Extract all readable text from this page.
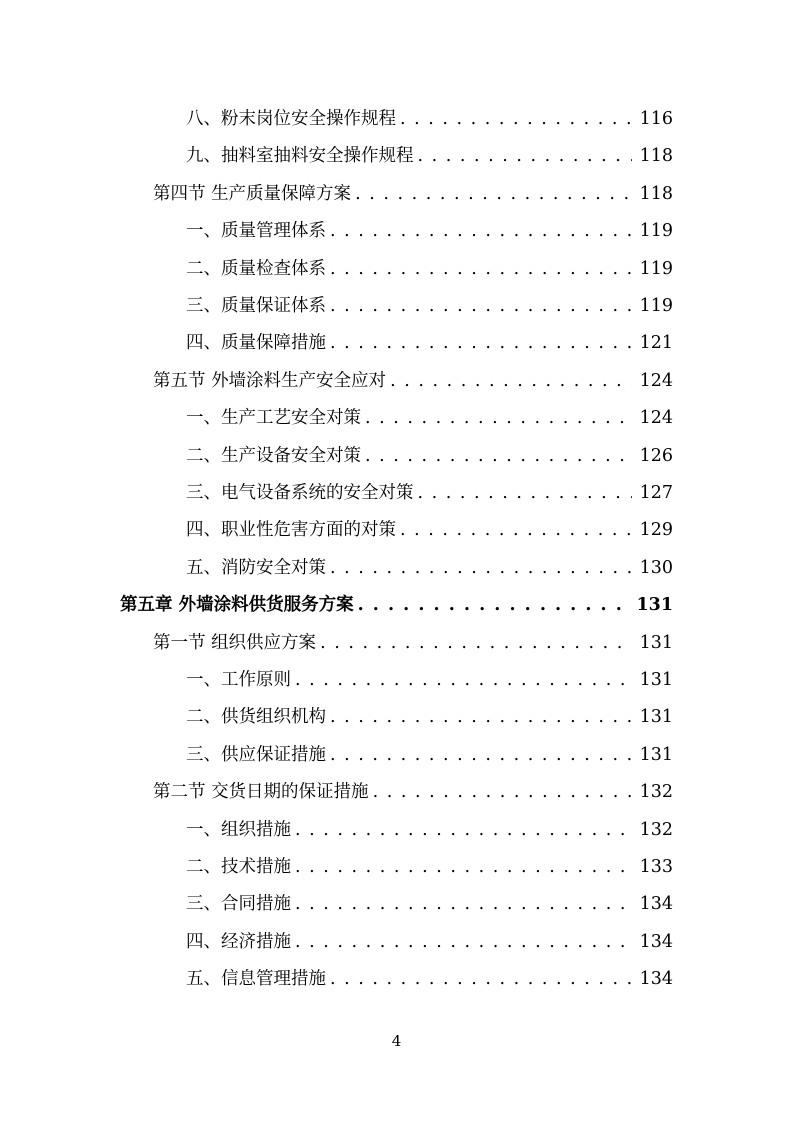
八、粉末岗位安全操作规程 . . .	116
九、抽料室抽料安全操作规程 . . .	118
第四节 生产质量保障方案 . . .	118
一、质量管理体系 . . .	119
二、质量检查体系 . . .	119
三、质量保证体系 . . .	119
四、质量保障措施 . . .	121
第五节 外墙涂料生产安全应对 . . .	124
一、生产工艺安全对策 . . .	124
二、生产设备安全对策 . . .	126
三、电气设备系统的安全对策 . . .	127
四、职业性危害方面的对策 . . .	129
五、消防安全对策 . . .	130
第五章 外墙涂料供货服务方案 . . .	131
第一节 组织供应方案 . . .	131
一、工作原则 . . .	131
二、供货组织机构 . . .	131
三、供应保证措施 . . .	131
第二节 交货日期的保证措施 . . .	132
一、组织措施 . . .	132
二、技术措施 . . .	133
三、合同措施 . . .	134
四、经济措施 . . .	134
五、信息管理措施 . . .	134
4
